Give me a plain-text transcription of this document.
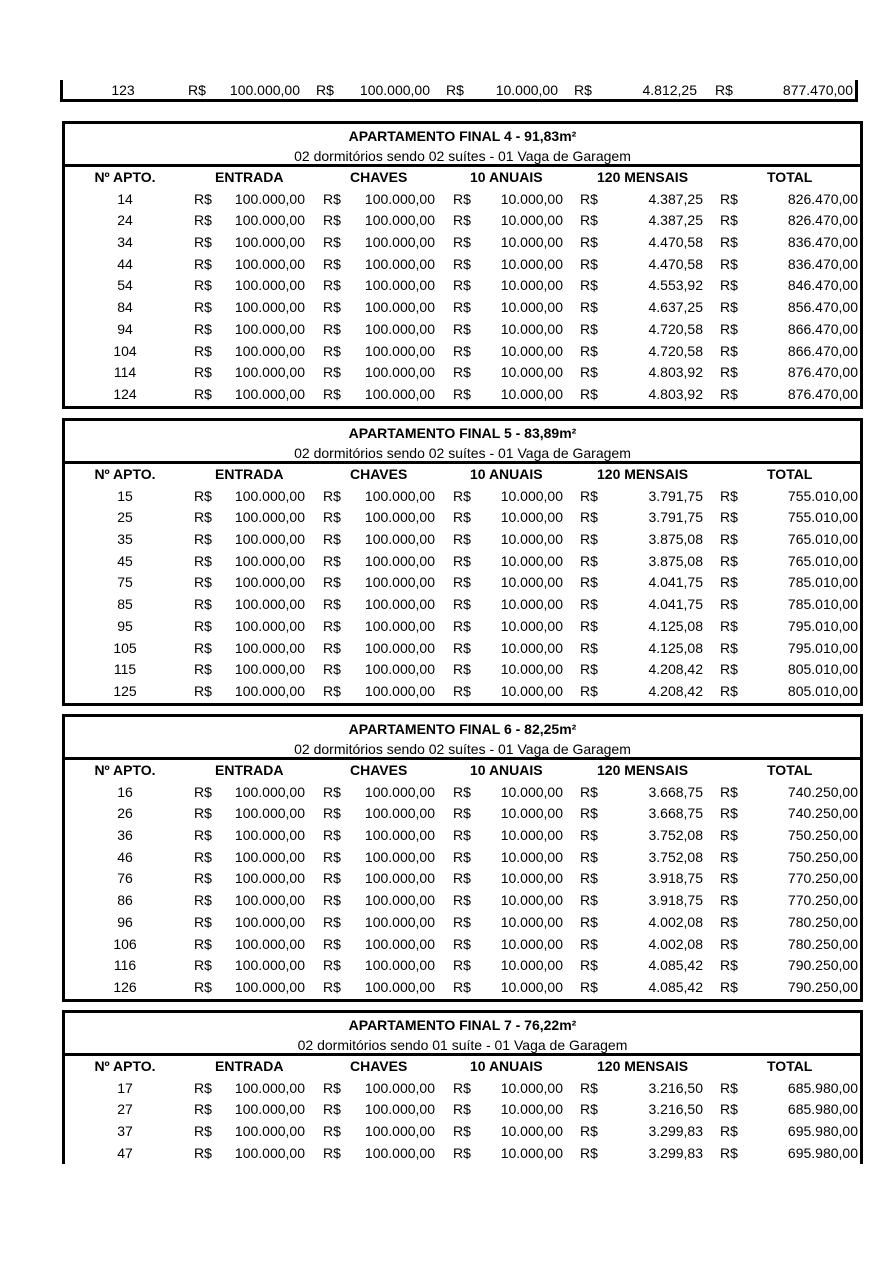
123	R$	100.000,00 R$	100.000,00 R$	10.000,00 R$	4.812,25 R$	877.470,00
APARTAMENTO FINAL 4 - 91,83m²
02 dormitórios sendo 02 suítes - 01 Vaga de Garagem
Nº APTO.	ENTRADA	CHAVES	10 ANUAIS	120 MENSAIS	TOTAL
14	R$	100.000,00 R$	100.000,00 R$	10.000,00 R$	4.387,25 R$	826.470,00
24	R$	100.000,00 R$	100.000,00 R$	10.000,00 R$	4.387,25 R$	826.470,00
34	R$	100.000,00 R$	100.000,00 R$	10.000,00 R$	4.470,58 R$	836.470,00
44	R$	100.000,00 R$	100.000,00 R$	10.000,00 R$	4.470,58 R$	836.470,00
54	R$	100.000,00 R$	100.000,00 R$	10.000,00 R$	4.553,92 R$	846.470,00
84	R$	100.000,00 R$	100.000,00 R$	10.000,00 R$	4.637,25 R$	856.470,00
94	R$	100.000,00 R$	100.000,00 R$	10.000,00 R$	4.720,58 R$	866.470,00
104	R$	100.000,00 R$	100.000,00 R$	10.000,00 R$	4.720,58 R$	866.470,00
114	R$	100.000,00 R$	100.000,00 R$	10.000,00 R$	4.803,92 R$	876.470,00
124	R$	100.000,00 R$	100.000,00 R$	10.000,00 R$	4.803,92 R$	876.470,00
APARTAMENTO FINAL 5 - 83,89m²
02 dormitórios sendo 02 suítes - 01 Vaga de Garagem
Nº APTO.	ENTRADA	CHAVES	10 ANUAIS	120 MENSAIS	TOTAL
15	R$	100.000,00 R$	100.000,00 R$	10.000,00 R$	3.791,75 R$	755.010,00
25	R$	100.000,00 R$	100.000,00 R$	10.000,00 R$	3.791,75 R$	755.010,00
35	R$	100.000,00 R$	100.000,00 R$	10.000,00 R$	3.875,08 R$	765.010,00
45	R$	100.000,00 R$	100.000,00 R$	10.000,00 R$	3.875,08 R$	765.010,00
75	R$	100.000,00 R$	100.000,00 R$	10.000,00 R$	4.041,75 R$	785.010,00
85	R$	100.000,00 R$	100.000,00 R$	10.000,00 R$	4.041,75 R$	785.010,00
95	R$	100.000,00 R$	100.000,00 R$	10.000,00 R$	4.125,08 R$	795.010,00
105	R$	100.000,00 R$	100.000,00 R$	10.000,00 R$	4.125,08 R$	795.010,00
115	R$	100.000,00 R$	100.000,00 R$	10.000,00 R$	4.208,42 R$	805.010,00
125	R$	100.000,00 R$	100.000,00 R$	10.000,00 R$	4.208,42 R$	805.010,00
APARTAMENTO FINAL 6 - 82,25m²
02 dormitórios sendo 02 suítes - 01 Vaga de Garagem
Nº APTO.	ENTRADA	CHAVES	10 ANUAIS	120 MENSAIS	TOTAL
16	R$	100.000,00 R$	100.000,00 R$	10.000,00 R$	3.668,75 R$	740.250,00
26	R$	100.000,00 R$	100.000,00 R$	10.000,00 R$	3.668,75 R$	740.250,00
36	R$	100.000,00 R$	100.000,00 R$	10.000,00 R$	3.752,08 R$	750.250,00
46	R$	100.000,00 R$	100.000,00 R$	10.000,00 R$	3.752,08 R$	750.250,00
76	R$	100.000,00 R$	100.000,00 R$	10.000,00 R$	3.918,75 R$	770.250,00
86	R$	100.000,00 R$	100.000,00 R$	10.000,00 R$	3.918,75 R$	770.250,00
96	R$	100.000,00 R$	100.000,00 R$	10.000,00 R$	4.002,08 R$	780.250,00
106	R$	100.000,00 R$	100.000,00 R$	10.000,00 R$	4.002,08 R$	780.250,00
116	R$	100.000,00 R$	100.000,00 R$	10.000,00 R$	4.085,42 R$	790.250,00
126	R$	100.000,00 R$	100.000,00 R$	10.000,00 R$	4.085,42 R$	790.250,00
APARTAMENTO FINAL 7 - 76,22m²
02 dormitórios sendo 01 suíte - 01 Vaga de Garagem
Nº APTO.	ENTRADA	CHAVES	10 ANUAIS	120 MENSAIS	TOTAL
17	R$	100.000,00 R$	100.000,00 R$	10.000,00 R$	3.216,50 R$	685.980,00
27	R$	100.000,00 R$	100.000,00 R$	10.000,00 R$	3.216,50 R$	685.980,00
37	R$	100.000,00 R$	100.000,00 R$	10.000,00 R$	3.299,83 R$	695.980,00
47	R$	100.000,00 R$	100.000,00 R$	10.000,00 R$	3.299,83 R$	695.980,00
